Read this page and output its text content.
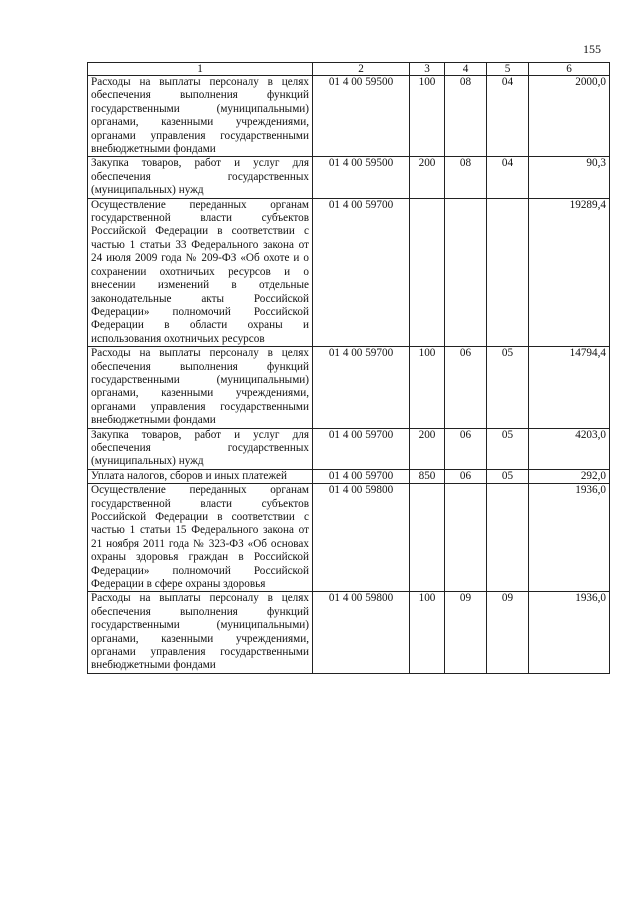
155
1	2	3	4	5	6
Расходы на выплаты персоналу в целях обеспечения выполнения функций государственными (муниципальными) органами, казенными учреждениями, органами управления государственными внебюджетными фондами	01 4 00 59500	100	08	04	2000,0
Закупка товаров, работ и услуг для обеспечения государственных (муниципальных) нужд	01 4 00 59500	200	08	04	90,3
Осуществление переданных органам государственной власти субъектов Российской Федерации в соответствии с частью 1 статьи 33 Федерального закона от 24 июля 2009 года № 209-ФЗ «Об охоте и о сохранении охотничьих ресурсов и о внесении изменений в отдельные законодательные акты Российской Федерации» полномочий Российской Федерации в области охраны и использования охотничьих ресурсов	01 4 00 59700				19289,4
Расходы на выплаты персоналу в целях обеспечения выполнения функций государственными (муниципальными) органами, казенными учреждениями, органами управления государственными внебюджетными фондами	01 4 00 59700	100	06	05	14794,4
Закупка товаров, работ и услуг для обеспечения государственных (муниципальных) нужд	01 4 00 59700	200	06	05	4203,0
Уплата налогов, сборов и иных платежей	01 4 00 59700	850	06	05	292,0
Осуществление переданных органам государственной власти субъектов Российской Федерации в соответствии с частью 1 статьи 15 Федерального закона от 21 ноября 2011 года № 323-ФЗ «Об основах охраны здоровья граждан в Российской Федерации» полномочий Российской Федерации в сфере охраны здоровья	01 4 00 59800				1936,0
Расходы на выплаты персоналу в целях обеспечения выполнения функций государственными (муниципальными) органами, казенными учреждениями, органами управления государственными внебюджетными фондами	01 4 00 59800	100	09	09	1936,0
